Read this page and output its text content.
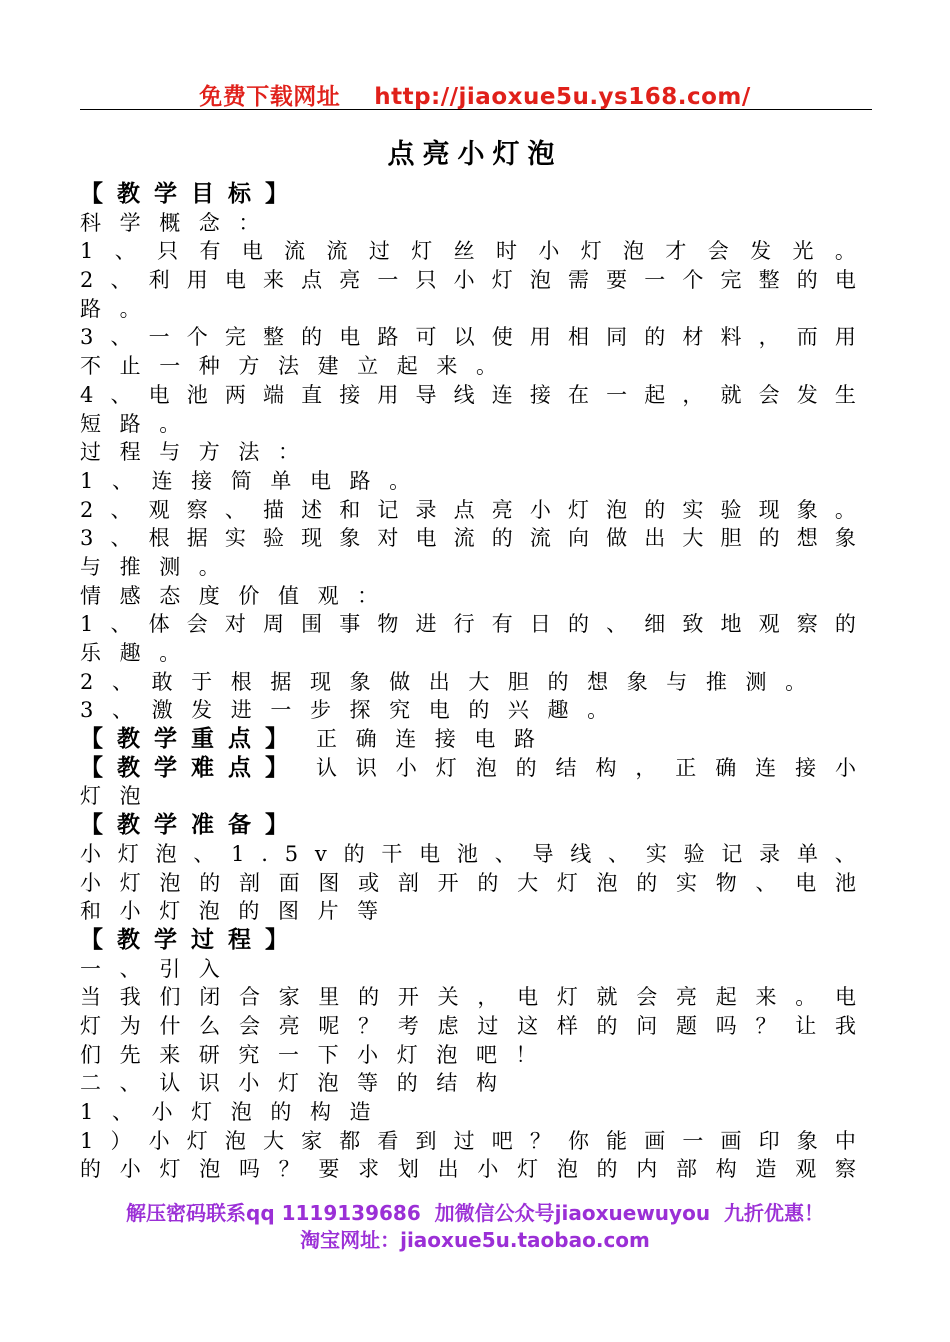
免费下载网址 http://jiaoxue5u.ys168.com/
点亮小灯泡
【 教 学 目 标 】
科 学 概 念 ：
1 、 只 有 电 流 流 过 灯 丝 时 小 灯 泡 才 会 发 光 。
2 、 利 用 电 来 点 亮 一 只 小 灯 泡 需 要 一 个 完 整 的 电
路 。
3 、 一 个 完 整 的 电 路 可 以 使 用 相 同 的 材 料 ， 而 用
不 止 一 种 方 法 建 立 起 来 。
4 、 电 池 两 端 直 接 用 导 线 连 接 在 一 起 ， 就 会 发 生
短 路 。
过 程 与 方 法 ：
1 、 连 接 简 单 电 路 。
2 、 观 察 、 描 述 和 记 录 点 亮 小 灯 泡 的 实 验 现 象 。
3 、 根 据 实 验 现 象 对 电 流 的 流 向 做 出 大 胆 的 想 象
与 推 测 。
情 感 态 度 价 值 观 ：
1 、 体 会 对 周 围 事 物 进 行 有 日 的 、 细 致 地 观 察 的
乐 趣 。
2 、 敢 于 根 据 现 象 做 出 大 胆 的 想 象 与 推 测 。
3 、 激 发 进 一 步 探 究 电 的 兴 趣 。
【教学重点】 正 确 连 接 电 路
【教学难点】 认 识 小 灯 泡 的 结 构 ， 正 确 连 接 小
灯 泡
【 教 学 准 备 】
小 灯 泡 、 1 . 5 v 的 干 电 池 、 导 线 、 实 验 记 录 单 、
小 灯 泡 的 剖 面 图 或 剖 开 的 大 灯 泡 的 实 物 、 电 池
和 小 灯 泡 的 图 片 等
【 教 学 过 程 】
一 、 引 入
当 我 们 闭 合 家 里 的 开 关 ， 电 灯 就 会 亮 起 来 。 电
灯 为 什 么 会 亮 呢 ？ 考 虑 过 这 样 的 问 题 吗 ？ 让 我
们 先 来 研 究 一 下 小 灯 泡 吧 ！
二 、 认 识 小 灯 泡 等 的 结 构
1 、 小 灯 泡 的 构 造
1 ） 小 灯 泡 大 家 都 看 到 过 吧 ？ 你 能 画 一 画 印 象 中
的 小 灯 泡 吗 ？ 要 求 划 出 小 灯 泡 的 内 部 构 造 观 察
解压密码联系qq 1119139686  加微信公众号jiaoxuewuyou  九折优惠！
淘宝网址：jiaoxue5u.taobao.com
